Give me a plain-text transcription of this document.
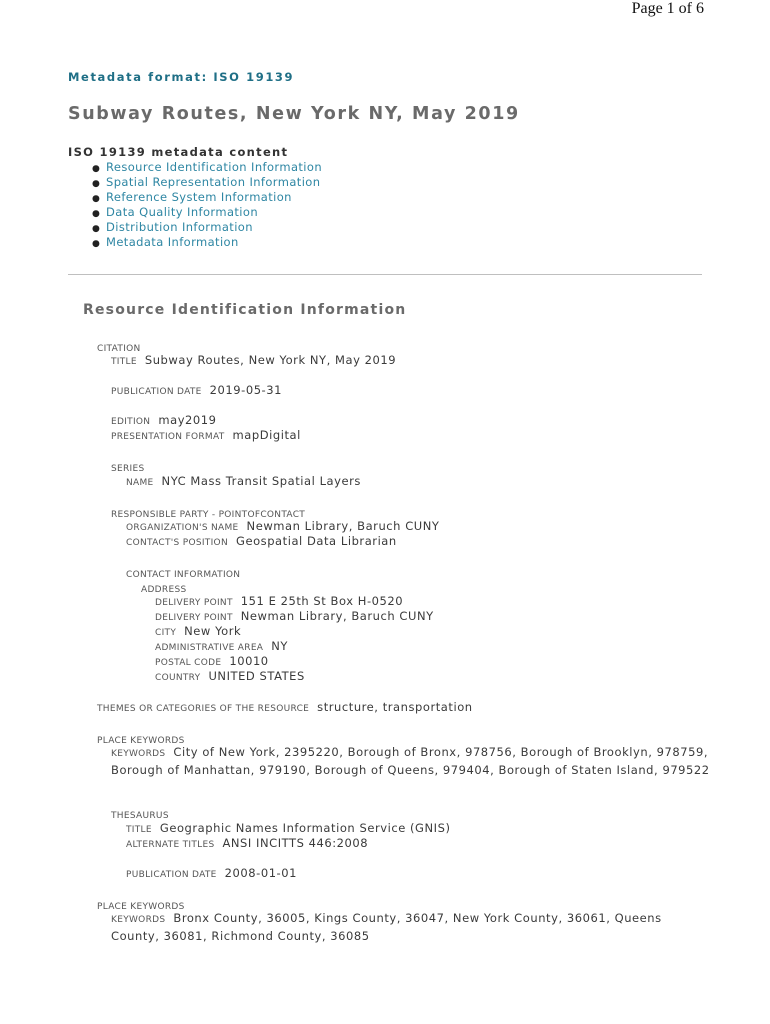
Page 1 of 6
Metadata format: ISO 19139
Subway Routes, New York NY, May 2019
ISO 19139 metadata content
● Resource Identification Information
● Spatial Representation Information
● Reference System Information
● Data Quality Information
● Distribution Information
● Metadata Information
Resource Identification Information
CITATION
TITLE Subway Routes, New York NY, May 2019
PUBLICATION DATE 2019-05-31
EDITION may2019
PRESENTATION FORMAT mapDigital
SERIES
NAME NYC Mass Transit Spatial Layers
RESPONSIBLE PARTY - POINTOFCONTACT
ORGANIZATION'S NAME Newman Library, Baruch CUNY
CONTACT'S POSITION Geospatial Data Librarian
CONTACT INFORMATION
ADDRESS
DELIVERY POINT 151 E 25th St Box H-0520
DELIVERY POINT Newman Library, Baruch CUNY
CITY New York
ADMINISTRATIVE AREA NY
POSTAL CODE 10010
COUNTRY UNITED STATES
THEMES OR CATEGORIES OF THE RESOURCE structure, transportation
PLACE KEYWORDS
KEYWORDS City of New York, 2395220, Borough of Bronx, 978756, Borough of Brooklyn, 978759, Borough of Manhattan, 979190, Borough of Queens, 979404, Borough of Staten Island, 979522
THESAURUS
TITLE Geographic Names Information Service (GNIS)
ALTERNATE TITLES ANSI INCITTS 446:2008
PUBLICATION DATE 2008-01-01
PLACE KEYWORDS
KEYWORDS Bronx County, 36005, Kings County, 36047, New York County, 36061, Queens County, 36081, Richmond County, 36085
